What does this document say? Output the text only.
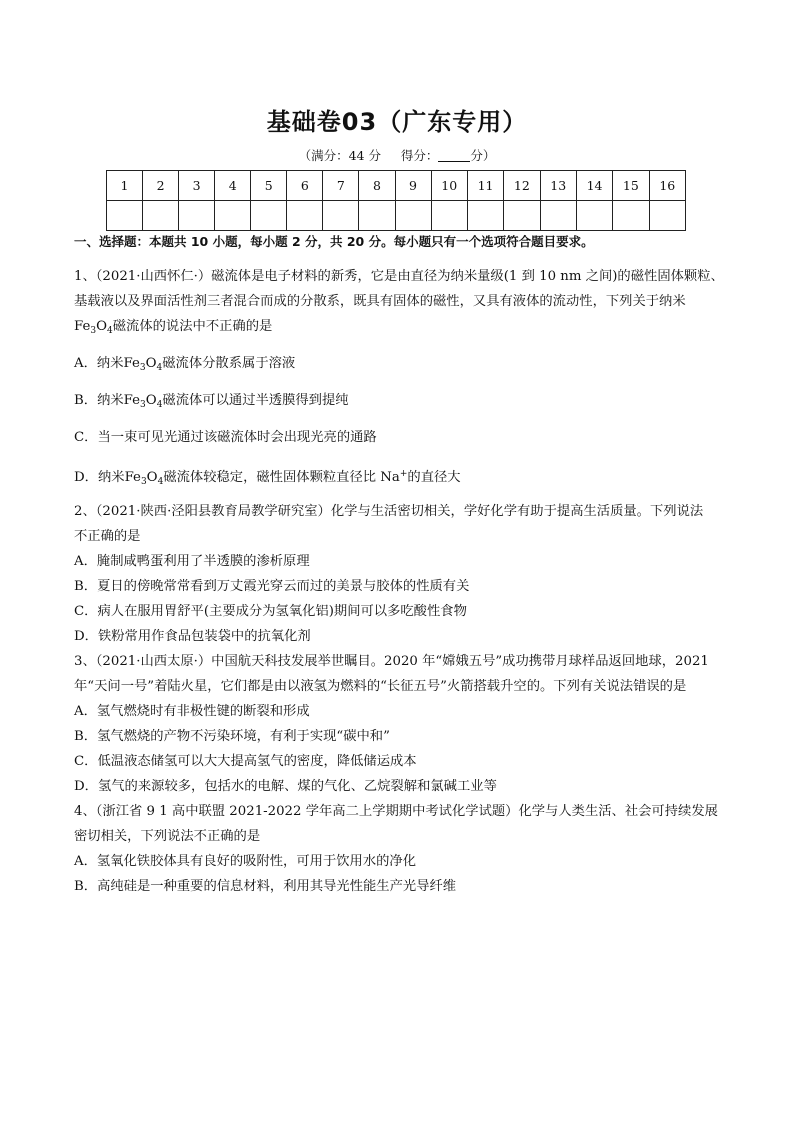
基础卷03（广东专用）
（满分：44 分 得分：	分）
1	2	3	4	5	6	7	8	9	10	11	12	13	14	15	16

一、选择题：本题共 10 小题，每小题 2 分，共 20 分。每小题只有一个选项符合题目要求。
1、（2021·山西怀仁·）磁流体是电子材料的新秀，它是由直径为纳米量级(1 到 10 nm 之间)的磁性固体颗粒、
基载液以及界面活性剂三者混合而成的分散系，既具有固体的磁性，又具有液体的流动性，下列关于纳米
$Fe_3O_4$磁流体的说法中不正确的是
A．纳米$Fe_3O_4$磁流体分散系属于溶液
B．纳米$Fe_3O_4$磁流体可以通过半透膜得到提纯
C．当一束可见光通过该磁流体时会出现光亮的通路
D．纳米$Fe_3O_4$磁流体较稳定，磁性固体颗粒直径比 Na+的直径大
2、（2021·陕西·泾阳县教育局教学研究室）化学与生活密切相关，学好化学有助于提高生活质量。下列说法
不正确的是
A．腌制咸鸭蛋利用了半透膜的渗析原理
B．夏日的傍晚常常看到万丈霞光穿云而过的美景与胶体的性质有关
C．病人在服用胃舒平(主要成分为氢氧化铝)期间可以多吃酸性食物
D．铁粉常用作食品包装袋中的抗氧化剂
3、（2021·山西太原·）中国航天科技发展举世瞩目。2020 年“嫦娥五号”成功携带月球样品返回地球，2021
年“天问一号”着陆火星，它们都是由以液氢为燃料的“长征五号”火箭搭载升空的。下列有关说法错误的是
A．氢气燃烧时有非极性键的断裂和形成
B．氢气燃烧的产物不污染环境，有利于实现“碳中和”
C．低温液态储氢可以大大提高氢气的密度，降低储运成本
D．氢气的来源较多，包括水的电解、煤的气化、乙烷裂解和氯碱工业等
4、（浙江省 9 1 高中联盟 2021-2022 学年高二上学期期中考试化学试题）化学与人类生活、社会可持续发展
密切相关，下列说法不正确的是
A．氢氧化铁胶体具有良好的吸附性，可用于饮用水的净化
B．高纯硅是一种重要的信息材料，利用其导光性能生产光导纤维
